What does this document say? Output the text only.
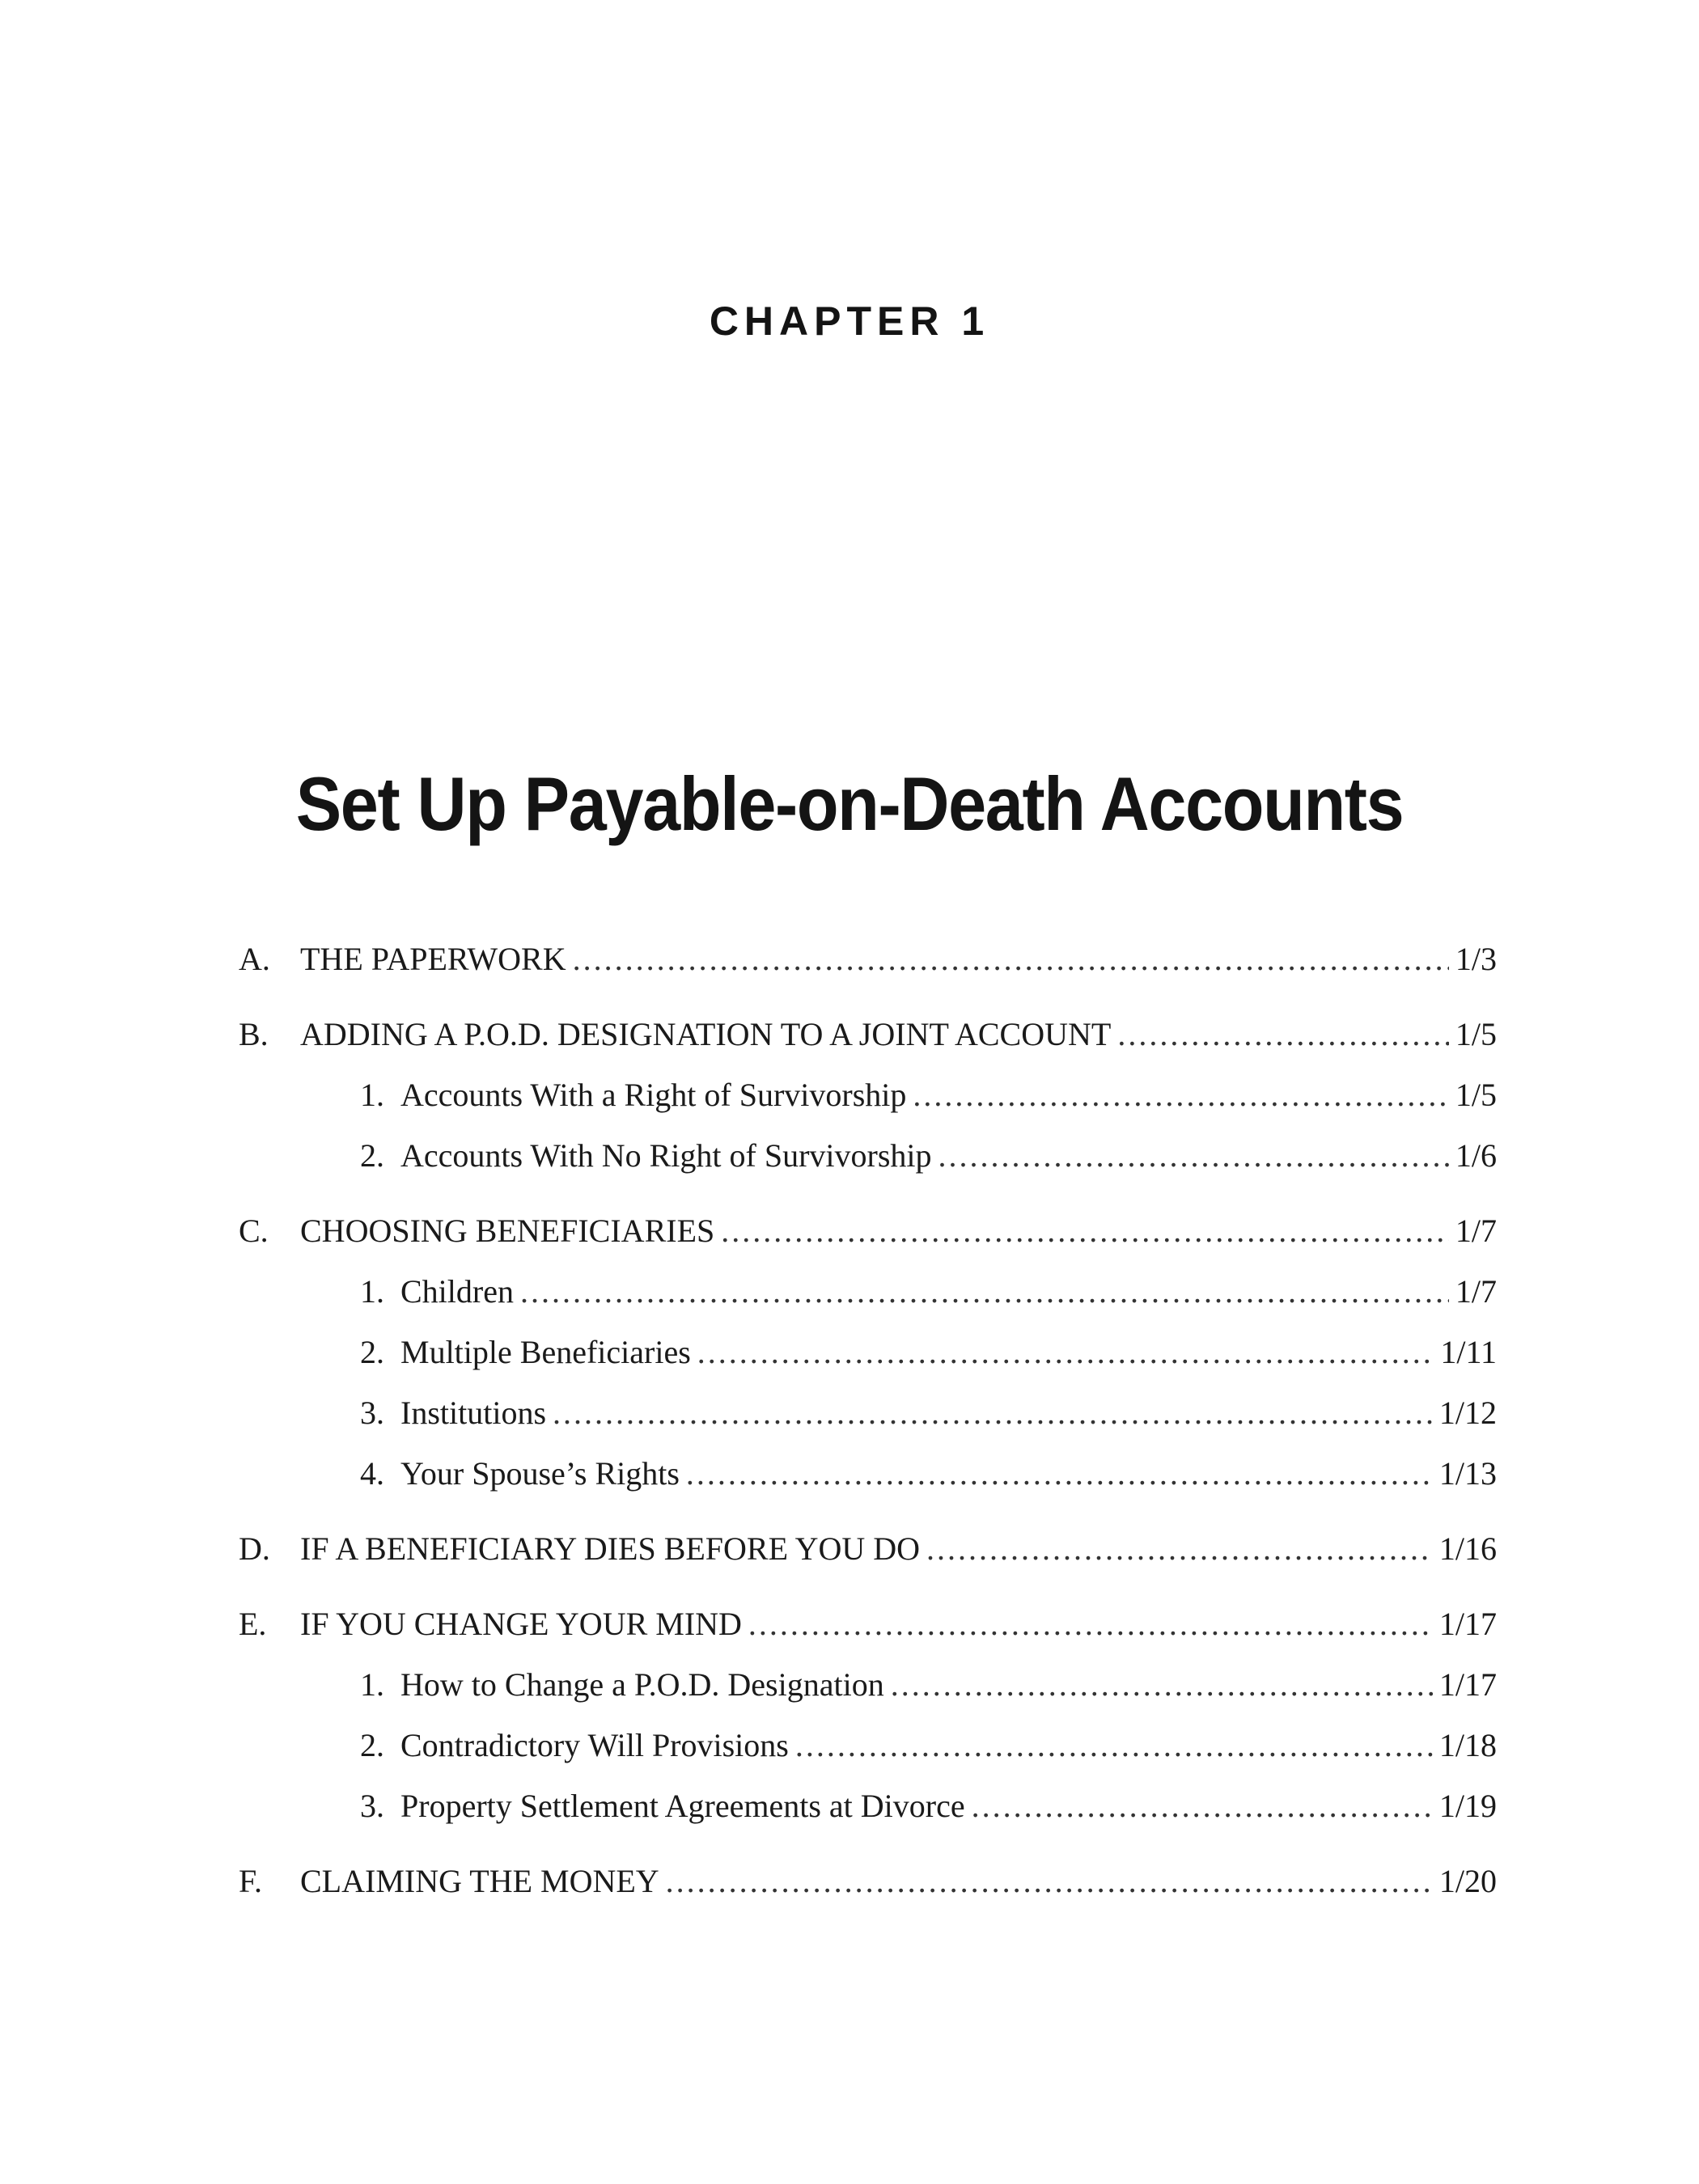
CHAPTER 1
Set Up Payable-on-Death Accounts
A. THE PAPERWORK .....	1/3
B. ADDING A P.O.D. DESIGNATION TO A JOINT ACCOUNT .....	1/5
1. Accounts With a Right of Survivorship .....	1/5
2. Accounts With No Right of Survivorship .....	1/6
C. CHOOSING BENEFICIARIES .....	1/7
1. Children .....	1/7
2. Multiple Beneficiaries .....	1/11
3. Institutions .....	1/12
4. Your Spouse’s Rights .....	1/13
D. IF A BENEFICIARY DIES BEFORE YOU DO .....	1/16
E.	IF YOU CHANGE YOUR MIND .....	1/17
1. How to Change a P.O.D. Designation .....	1/17
2. Contradictory Will Provisions .....	1/18
3. Property Settlement Agreements at Divorce .....	1/19
F.	CLAIMING THE MONEY .....	1/20
